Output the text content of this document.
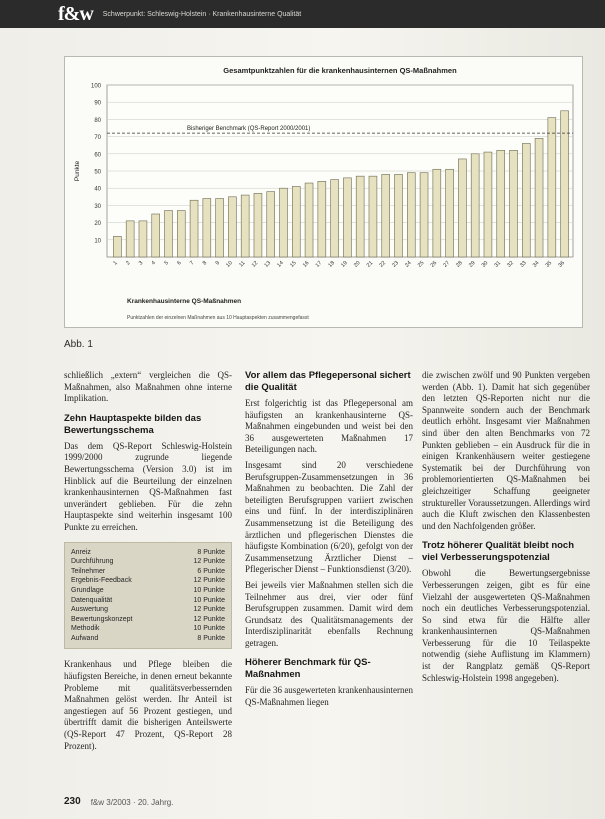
f&w Schwerpunkt: Schleswig-Holstein · Krankenhausinterne Qualität
10
20
30
40
50
60
70
80
90
100
Gesamtpunktzahlen für die krankenhausinternen QS-Maßnahmen
Punkte
1 2 3 4 5 6 7 8 9 10 11 12 13 14 15 16 17 18 19 20 21 22 23 24 25 26 27 28 29 30 31 32 33 34 35 36
Bisheriger Benchmark (QS-Report 2000/2001)
Krankenhausinterne QS-Maßnahmen
Punktzahlen der einzelnen Maßnahmen aus 10 Hauptaspekten zusammengefasst
Abb. 1

schließlich „extern“ vergleichen die QS-Maßnahmen, also Maßnahmen ohne interne Implikation.

Zehn Hauptaspekte bilden das Bewertungsschema

Das dem QS-Report Schleswig-Holstein 1999/2000 zugrunde liegende Bewertungsschema (Version 3.0) ist im Hinblick auf die Beurteilung der einzelnen krankenhausinternen QS-Maßnahmen fast unverändert geblieben. Für die zehn Hauptaspekte sind weiterhin insgesamt 100 Punkte zu erreichen.

Anreiz	8 Punkte
Durchführung	12 Punkte
Teilnehmer	6 Punkte
Ergebnis-Feedback	12 Punkte
Grundlage	10 Punkte
Datenqualität	10 Punkte
Auswertung	12 Punkte
Bewertungskonzept	12 Punkte
Methodik	10 Punkte
Aufwand	8 Punkte

Krankenhaus und Pflege bleiben die häufigsten Bereiche, in denen erneut bekannte Probleme mit qualitätsverbessernden Maßnahmen gelöst werden. Ihr Anteil ist angestiegen auf 56 Prozent gestiegen, und übertrifft damit die bisherigen Anteilswerte (QS-Report 47 Prozent, QS-Report 28 Prozent).

Vor allem das Pflegepersonal sichert die Qualität

Erst folgerichtig ist das Pflegepersonal am häufigsten an krankenhausinterne QS-Maßnahmen eingebunden und weist bei den 36 ausgewerteten Maßnahmen 17 Beteiligungen nach.

Insgesamt sind 20 verschiedene Berufsgruppen-Zusammensetzungen in 36 Maßnahmen zu beobachten. Die Zahl der beteiligten Berufsgruppen variiert zwischen eins und fünf. In der interdisziplinären Zusammensetzung ist die Beteiligung des ärztlichen und pflegerischen Dienstes die häufigste Kombination (6/20), gefolgt von der Zusammensetzung Ärztlicher Dienst – Pflegerischer Dienst – Funktionsdienst (3/20).

Bei jeweils vier Maßnahmen stellen sich die Teilnehmer aus drei, vier oder fünf Berufsgruppen zusammen. Damit wird dem Grundsatz des Qualitätsmanagements der Interdisziplinarität ebenfalls Rechnung getragen.

Höherer Benchmark für QS-Maßnahmen

Für die 36 ausgewerteten krankenhausinternen QS-Maßnahmen liegen

die zwischen zwölf und 90 Punkten vergeben werden (Abb. 1). Damit hat sich gegenüber den letzten QS-Reporten nicht nur die Spannweite sondern auch der Benchmark deutlich erhöht. Insgesamt vier Maßnahmen sind über den alten Benchmarks von 72 Punkten geblieben – ein Ausdruck für die in einigen Krankenhäusern weiter gestiegene Systematik bei der Durchführung von problemorientierten QS-Maßnahmen bei gleichzeitiger Schaffung geeigneter struktureller Voraussetzungen. Allerdings wird auch die Kluft zwischen den Klassenbesten und den Nachfolgenden größer.

Trotz höherer Qualität bleibt noch viel Verbesserungspotenzial

Obwohl die Bewertungsergebnisse Verbesserungen zeigen, gibt es für eine Vielzahl der ausgewerteten QS-Maßnahmen noch ein deutliches Verbesserungspotenzial. So sind etwa für die Hälfte aller krankenhausinternen QS-Maßnahmen Verbesserung für die 10 Teilaspekte notwendig (siehe Auflistung im Klammern) ist der Rangplatz gemäß QS-Report Schleswig-Holstein 1998 angegeben).

230 f&w 3/2003 · 20. Jahrg.
